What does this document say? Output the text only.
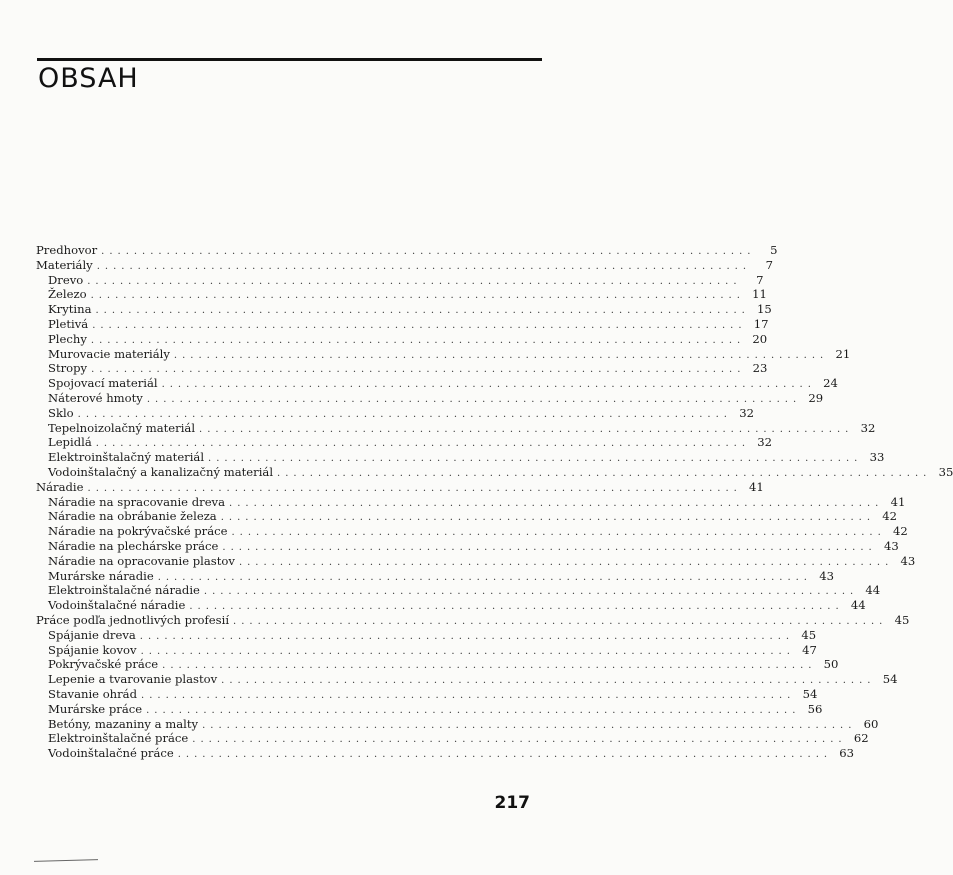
OBSAH
Predhovor ................................................................................	5
Materiály ................................................................................	7
Drevo ................................................................................	7
Železo ................................................................................ 11
Krytina ................................................................................ 15
Pletivá ................................................................................ 17
Plechy ................................................................................ 20
Murovacie materiály ................................................................................ 21
Stropy ................................................................................ 23
Spojovací materiál ................................................................................ 24
Náterové hmoty ................................................................................ 29
Sklo ................................................................................ 32
Tepelnoizolačný materiál ................................................................................ 32
Lepidlá ................................................................................ 32
Elektroinštalačný materiál ................................................................................ 33
Vodoinštalačný a kanalizačný materiál ................................................................................ 35
Náradie ................................................................................ 41
Náradie na spracovanie dreva ................................................................................ 41
Náradie na obrábanie železa ................................................................................ 42
Náradie na pokrývačské práce ................................................................................ 42
Náradie na plechárske práce ................................................................................ 43
Náradie na opracovanie plastov ................................................................................ 43
Murárske náradie ................................................................................ 43
Elektroinštalačné náradie ................................................................................ 44
Vodoinštalačné náradie ................................................................................ 44
Práce podľa jednotlivých profesií ................................................................................ 45
Spájanie dreva ................................................................................ 45
Spájanie kovov ................................................................................ 47
Pokrývačské práce ................................................................................ 50
Lepenie a tvarovanie plastov ................................................................................ 54
Stavanie ohrád ................................................................................ 54
Murárske práce ................................................................................ 56
Betóny, mazaniny a malty ................................................................................ 60
Elektroinštalačné práce ................................................................................ 62
Vodoinštalačné práce ................................................................................ 63
217
